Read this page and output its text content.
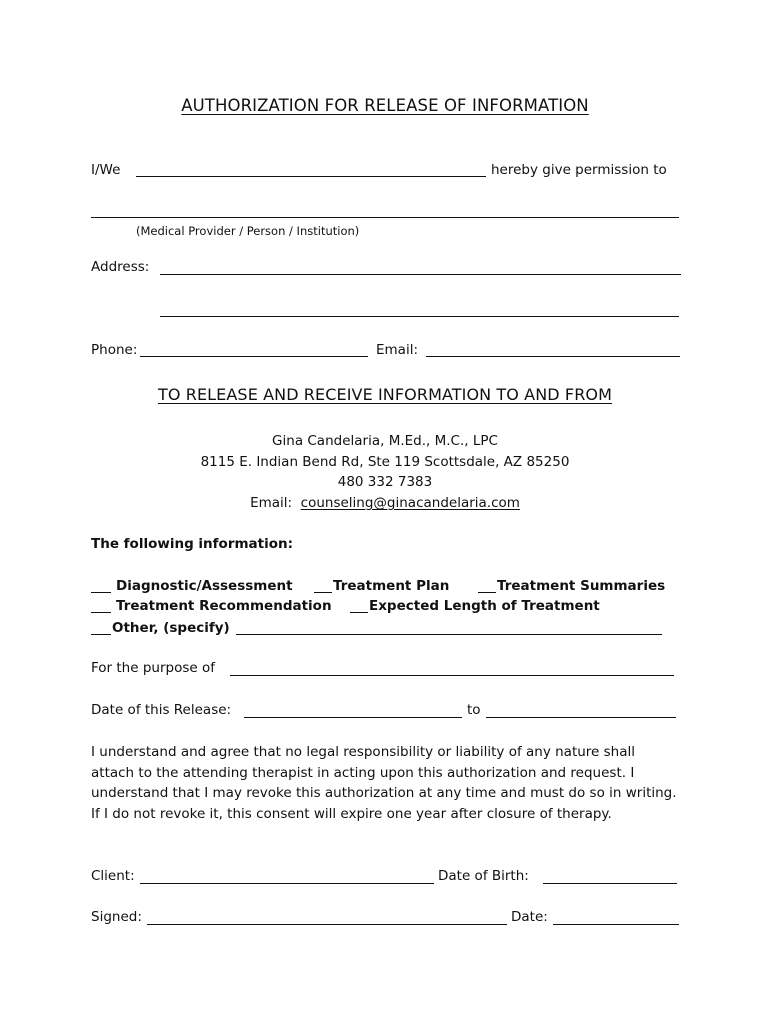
AUTHORIZATION FOR RELEASE OF INFORMATION
I/We	hereby give permission to
(Medical Provider / Person / Institution)
Address:
Phone:	Email:
TO RELEASE AND RECEIVE INFORMATION TO AND FROM
Gina Candelaria, M.Ed., M.C., LPC
8115 E. Indian Bend Rd, Ste 119 Scottsdale, AZ 85250
480 332 7383
Email: counseling@ginacandelaria.com
The following information:
Diagnostic/Assessment	Treatment Plan	Treatment Summaries
Treatment Recommendation	Expected Length of Treatment
Other, (specify)
For the purpose of
Date of this Release:	to
I understand and agree that no legal responsibility or liability of any nature shall attach to the attending therapist in acting upon this authorization and request. I understand that I may revoke this authorization at any time and must do so in writing. If I do not revoke it, this consent will expire one year after closure of therapy.
Client:	Date of Birth:
Signed:	Date:
